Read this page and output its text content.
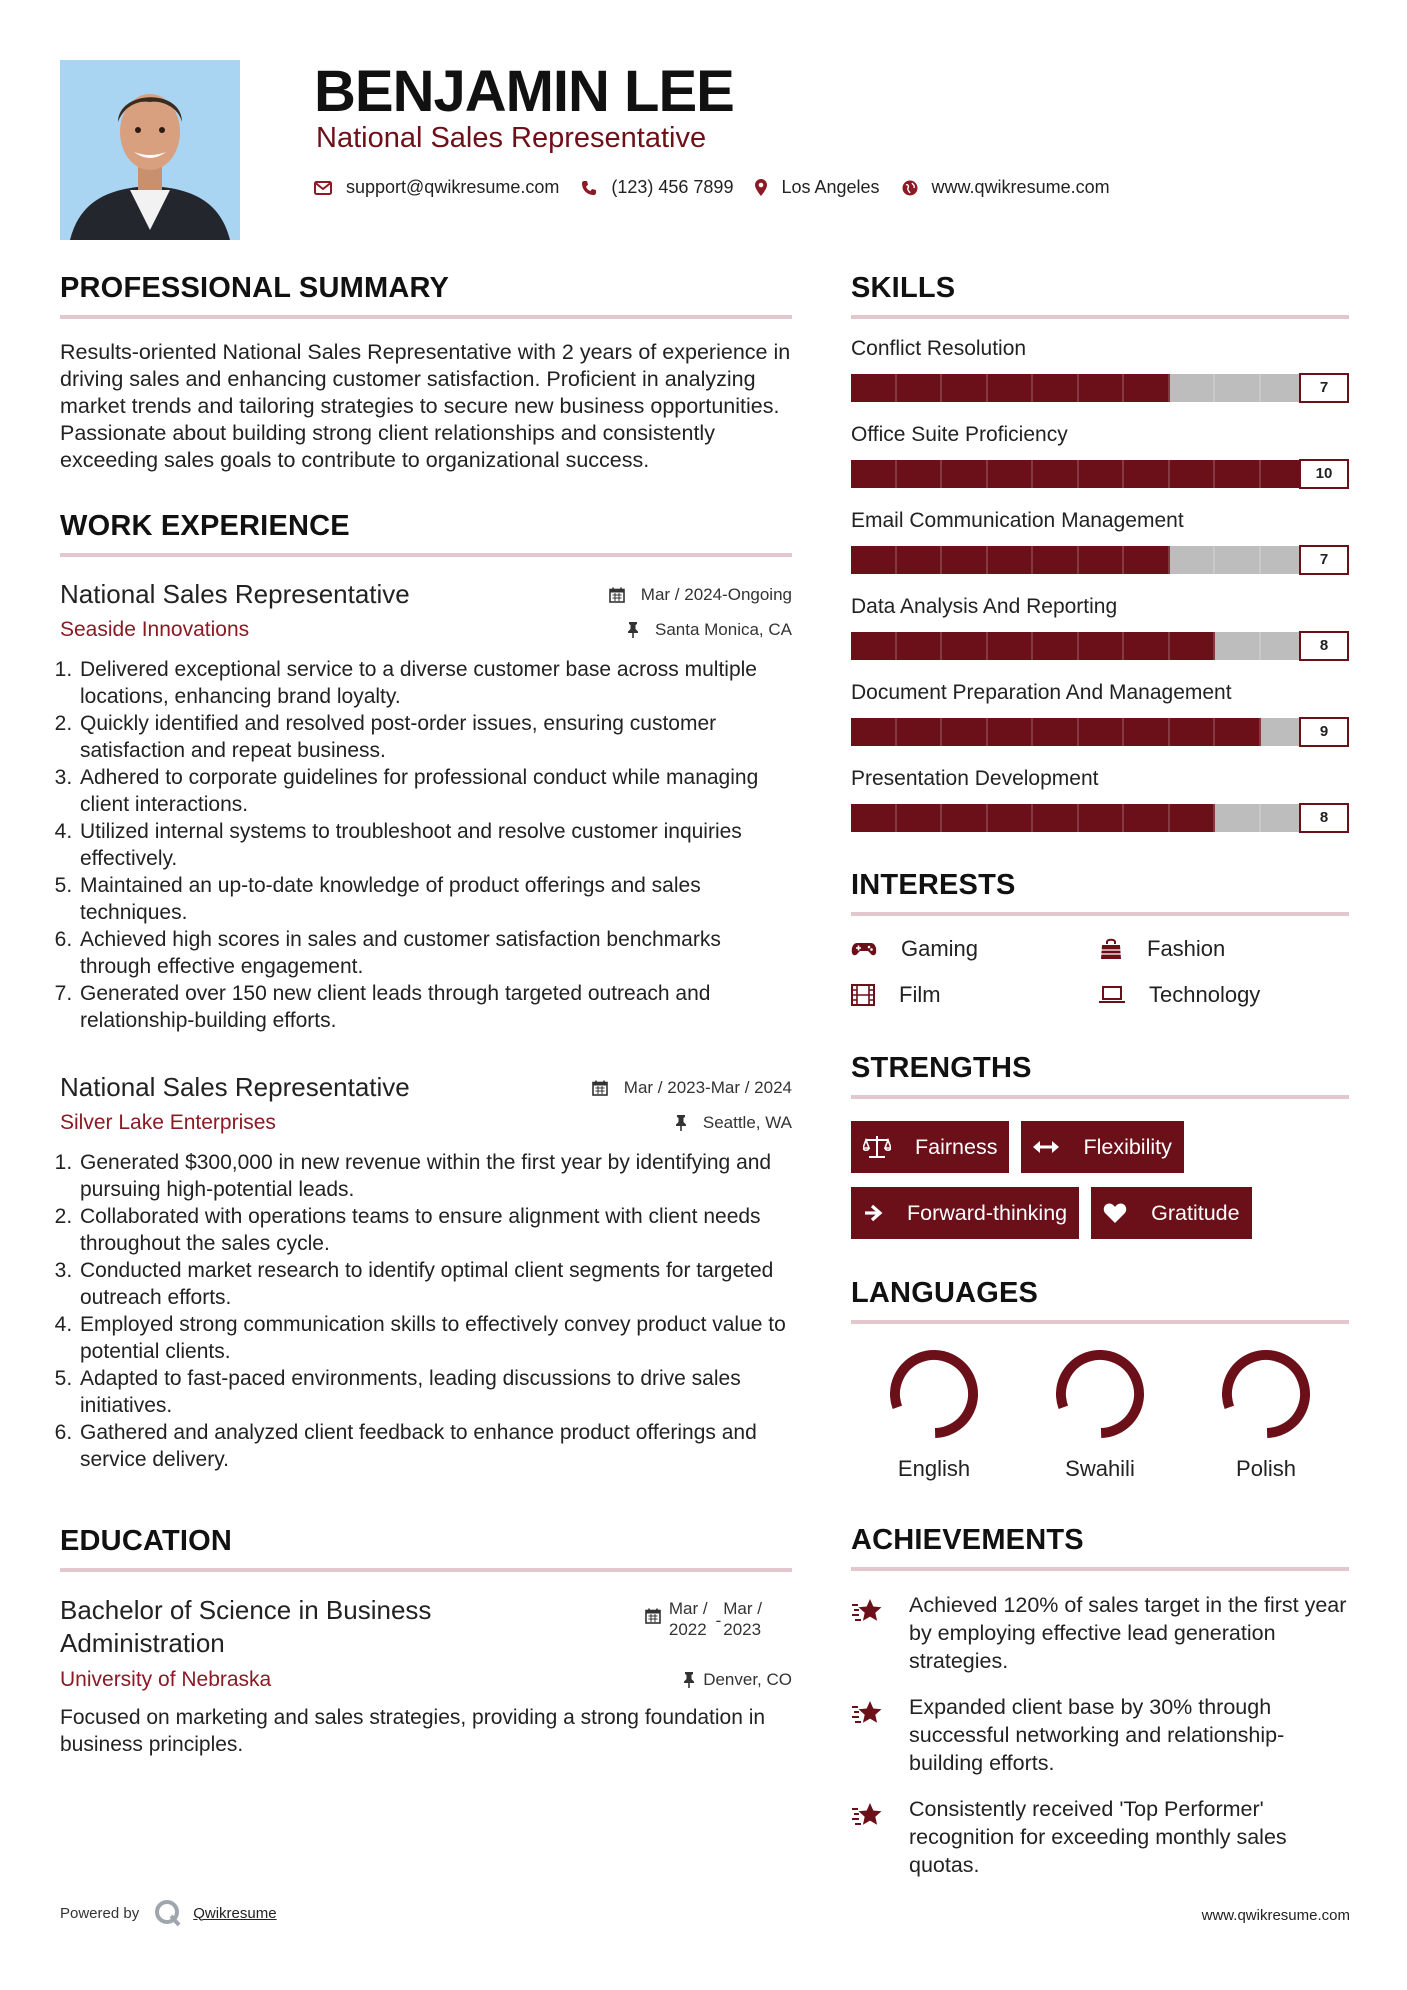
BENJAMIN LEE
National Sales Representative
support@qwikresume.com	(123) 456 7899	Los Angeles	www.qwikresume.com
PROFESSIONAL SUMMARY

Results-oriented National Sales Representative with 2 years of experience in driving sales and enhancing customer satisfaction. Proficient in analyzing market trends and tailoring strategies to secure new business opportunities. Passionate about building strong client relationships and consistently exceeding sales goals to contribute to organizational success.

WORK EXPERIENCE
National Sales Representative	Mar / 2024-Ongoing
Seaside Innovations	Santa Monica, CA
1. Delivered exceptional service to a diverse customer base across multiple locations, enhancing brand loyalty.
2. Quickly identified and resolved post-order issues, ensuring customer satisfaction and repeat business.
3. Adhered to corporate guidelines for professional conduct while managing client interactions.
4. Utilized internal systems to troubleshoot and resolve customer inquiries effectively.
5. Maintained an up-to-date knowledge of product offerings and sales techniques.
6. Achieved high scores in sales and customer satisfaction benchmarks through effective engagement.
7. Generated over 150 new client leads through targeted outreach and relationship-building efforts.
National Sales Representative	Mar / 2023-Mar / 2024
Silver Lake Enterprises	Seattle, WA
1. Generated $300,000 in new revenue within the first year by identifying and pursuing high-potential leads.
2. Collaborated with operations teams to ensure alignment with client needs throughout the sales cycle.
3. Conducted market research to identify optimal client segments for targeted outreach efforts.
4. Employed strong communication skills to effectively convey product value to potential clients.
5. Adapted to fast-paced environments, leading discussions to drive sales initiatives.
6. Gathered and analyzed client feedback to enhance product offerings and service delivery.
EDUCATION
Bachelor of Science in Business Administration
Mar /
2022 -
Mar /
2023
University of Nebraska	Denver, CO
Focused on marketing and sales strategies, providing a strong foundation in business principles.
SKILLS
Conflict Resolution
7
Office Suite Proficiency
10
Email Communication Management
7
Data Analysis And Reporting
8
Document Preparation And Management
9
Presentation Development
8
INTERESTS
Gaming	Fashion
Film	Technology
STRENGTHS
Fairness	Flexibility
Forward-thinking	Gratitude
LANGUAGES
English	Swahili	Polish
ACHIEVEMENTS
Achieved 120% of sales target in the first year by employing effective lead generation strategies.
Expanded client base by 30% through successful networking and relationship-building efforts.
Consistently received 'Top Performer' recognition for exceeding monthly sales quotas.
Powered by	Qwikresume	www.qwikresume.com
